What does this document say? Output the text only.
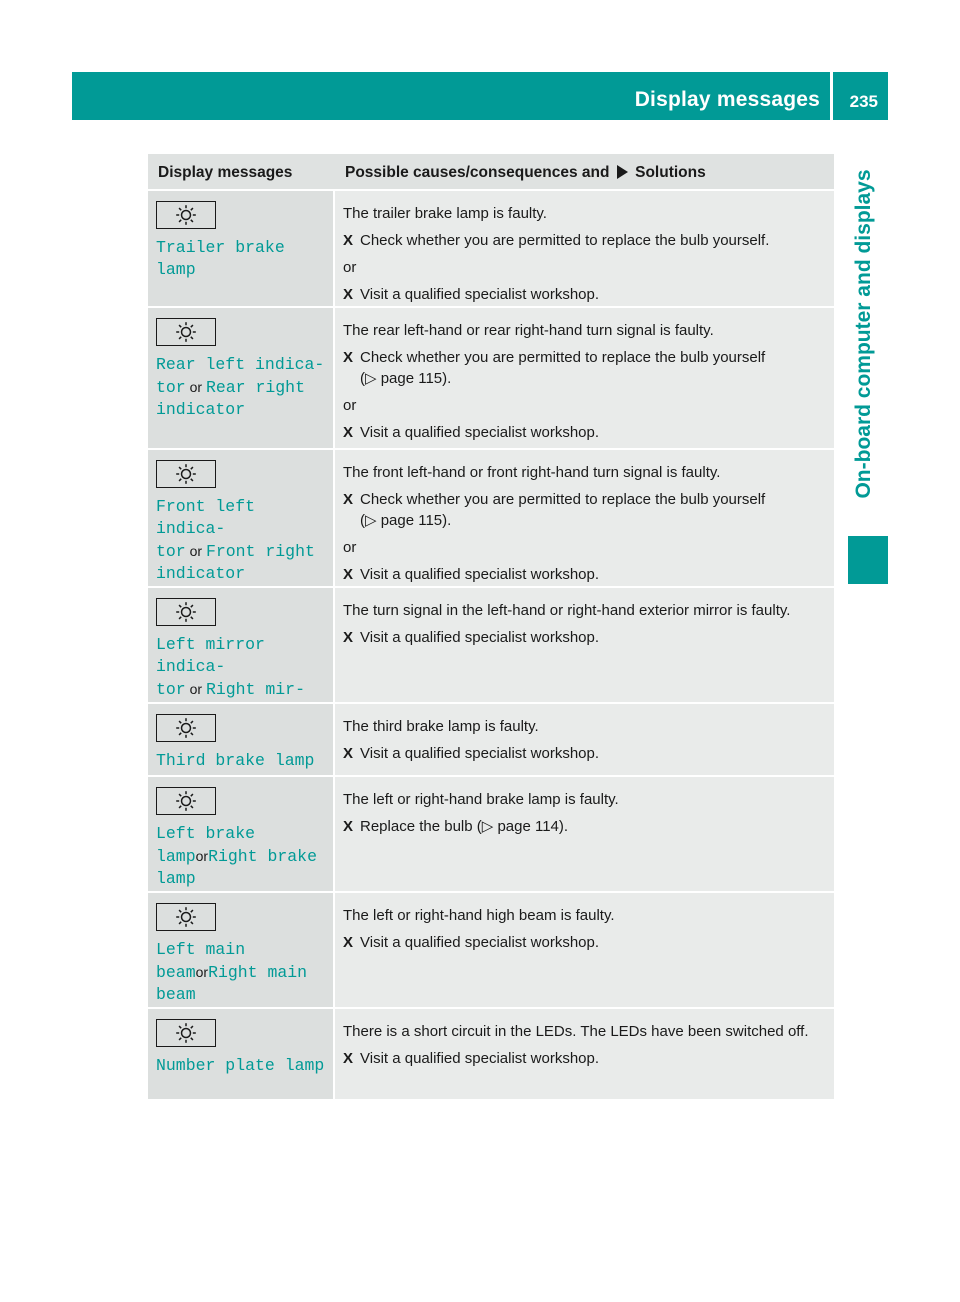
Display messages 235
On-board computer and displays
Display messages	Possible causes/consequences and Solutions
Trailer brake lamp
The trailer brake lamp is faulty.
X Check whether you are permitted to replace the bulb yourself.
or
X Visit a qualified specialist workshop.
Rear left indica‐
tor or Rear right
indicator
The rear left-hand or rear right-hand turn signal is faulty.
X Check whether you are permitted to replace the bulb yourself
(▷ page 115).
or
X Visit a qualified specialist workshop.
Front left indica‐
tor or Front right
indicator
The front left-hand or front right-hand turn signal is faulty.
X Check whether you are permitted to replace the bulb yourself
(▷ page 115).
or
X Visit a qualified specialist workshop.
Left mirror indica‐
tor or Right mir‐
The turn signal in the left-hand or right-hand exterior mirror is faulty.
X Visit a qualified specialist workshop.
Third brake lamp
The third brake lamp is faulty.
X Visit a qualified specialist workshop.
Left brake
lamporRight brake
lamp
The left or right-hand brake lamp is faulty.
X Replace the bulb (▷ page 114).
Left main
beamorRight main
beam
The left or right-hand high beam is faulty.
X Visit a qualified specialist workshop.
Number plate lamp
There is a short circuit in the LEDs. The LEDs have been switched off.
X Visit a qualified specialist workshop.
